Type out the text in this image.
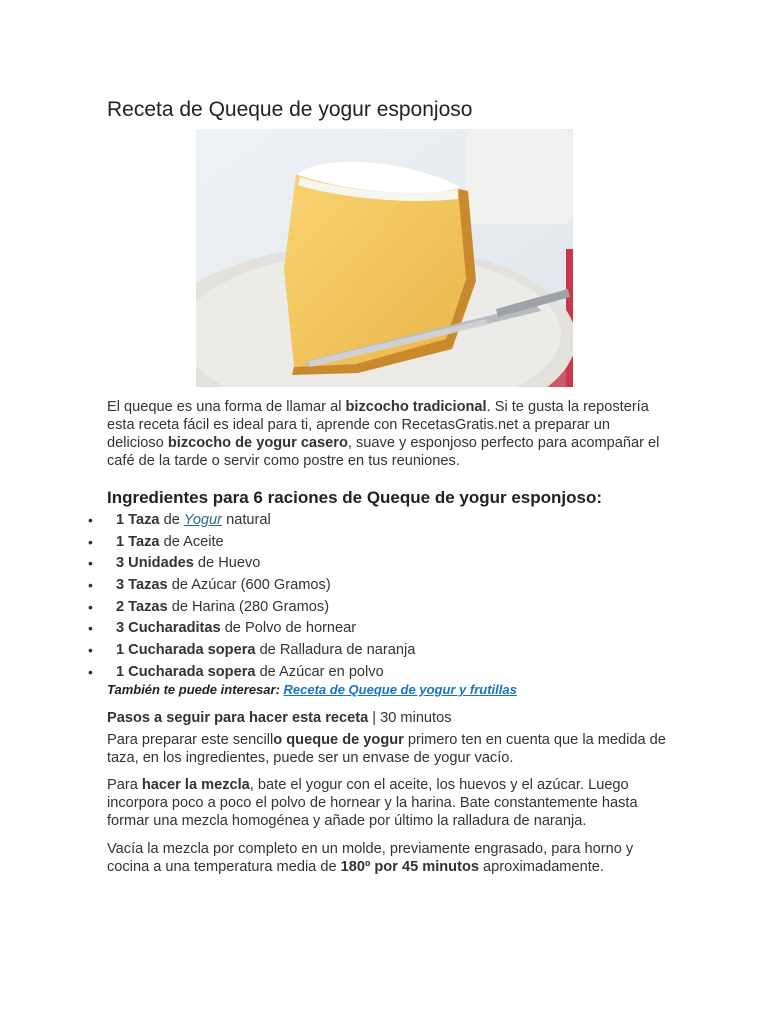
Receta de Queque de yogur esponjoso

El queque es una forma de llamar al bizcocho tradicional. Si te gusta la repostería esta receta fácil es ideal para ti, aprende con RecetasGratis.net a preparar un delicioso bizcocho de yogur casero, suave y esponjoso perfecto para acompañar el café de la tarde o servir como postre en tus reuniones.

Ingredientes para 6 raciones de Queque de yogur esponjoso:
• 1 Taza de Yogur natural
• 1 Taza de Aceite
• 3 Unidades de Huevo
• 3 Tazas de Azúcar (600 Gramos)
• 2 Tazas de Harina (280 Gramos)
• 3 Cucharaditas de Polvo de hornear
• 1 Cucharada sopera de Ralladura de naranja
• 1 Cucharada sopera de Azúcar en polvo
También te puede interesar: Receta de Queque de yogur y frutillas

Pasos a seguir para hacer esta receta | 30 minutos

Para preparar este sencillo queque de yogur primero ten en cuenta que la medida de taza, en los ingredientes, puede ser un envase de yogur vacío.

Para hacer la mezcla, bate el yogur con el aceite, los huevos y el azúcar. Luego incorpora poco a poco el polvo de hornear y la harina. Bate constantemente hasta formar una mezcla homogénea y añade por último la ralladura de naranja.

Vacía la mezcla por completo en un molde, previamente engrasado, para horno y cocina a una temperatura media de 180º por 45 minutos aproximadamente.
